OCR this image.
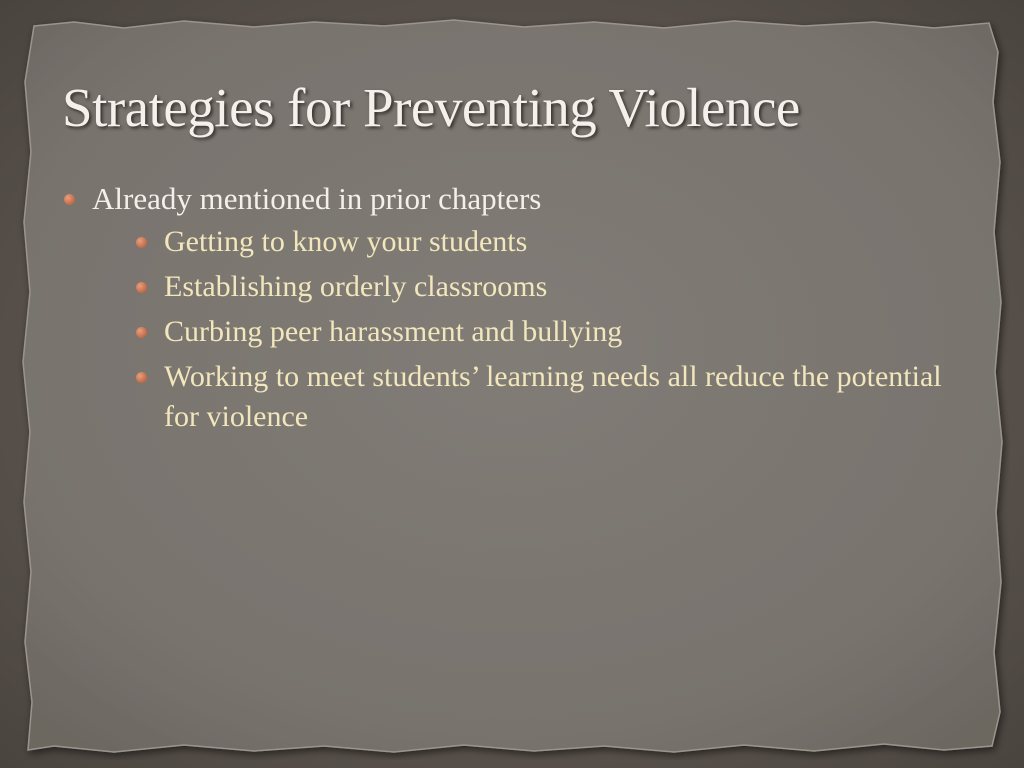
Strategies for Preventing Violence
Already mentioned in prior chapters
Getting to know your students
Establishing orderly classrooms
Curbing peer harassment and bullying
Working to meet students’ learning needs all reduce the potential for violence
